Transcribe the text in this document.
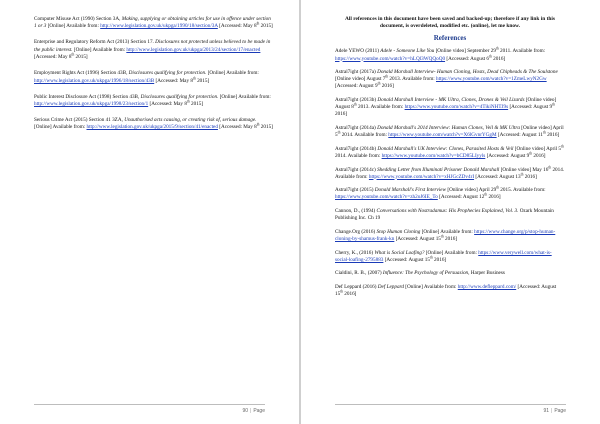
Computer Misuse Act (1990) Section 3A, Making, supplying or obtaining articles for use in offence under section 1 or 3 [Online] Available from: http://www.legislation.gov.uk/ukpga/1990/18/section/3A [Accessed: May 8th 2015]
Enterprise and Regulatory Reform Act (2013) Section 17. Disclosures not protected unless believed to be made in the public interest. [Online] Available from: http://www.legislation.gov.uk/ukpga/2013/24/section/17/enacted [Accessed: May 8th 2015]
Employment Rights Act (1996) Section 43B, Disclosures qualifying for protection. [Online] Available from: http://www.legislation.gov.uk/ukpga/1996/18/section/43B [Accessed: May 8th 2015]
Public Interest Disclosure Act (1998) Section 43B, Disclosures qualifying for protection. [Online] Available from: http://www.legislation.gov.uk/ukpga/1998/23/section/1 [Accessed: May 8th 2015]
Serious Crime Act (2015) Section 41 3ZA, Unauthorised acts causing, or creating risk of, serious damage. [Online] Available from: http://www.legislation.gov.uk/ukpga/2015/9/section/41/enacted [Accessed: May 8th 2015]
90 | Page
All references in this document have been saved and backed-up; therefore if any link in this document, is overdeleted, modified etc. (online), let me know.
References
Adele YEWO (2011) Adele - Someone Like You [Online video] September 29th 2011. Available from: https://www.youtube.com/watch?v=hLQl3WQQoQ0 [Accessed: August 6th 2016]
Astral7ight (2017a) Donald Marshall Interview- Human Cloning, Hosts, Dead Chipheads & The Soulstone [Online video] August 7th 2013. Available from: https://www.youtube.com/watch?v=1ZmeLwyN2Gw [Accessed: August 9th 2016]
Astral7ight (2013b) Donald Marshall Interview - MK Ultra, Clones, Drones & Veil Lizards [Online video] August 8th 2013. Available from: https://www.youtube.com/watch?v=4TikiNHTJ9s [Accessed: August 9th 2016]
Astral7ight (2014a) Donald Marshall's 2014 Interview: Human Clones, Veil & MK Ultra [Online video] April 5th 2014. Available from: https://www.youtube.com/watch?v=X6lGvnrYGgM [Accessed: August 11th 2016]
Astral7ight (2014b) Donald Marshall's UK Interview: Clones, Parasited Hosts & Veil [Online video] April 5th 2014. Available from: https://www.youtube.com/watch?v=bCD85LIyyls [Accessed: August 9th 2016]
Astral7ight (2014c) Shedding Letter from Illuminati Prisoner Donald Marshall [Online video] May 16th 2014. Available from: https://www.youtube.com/watch?v=xHJGcZDv4rI [Accessed: August 13th 2016]
Astral7ight (2015) Donald Marshall's First Interview [Online video] April 29th 2015. Available from: https://www.youtube.com/watch?v=zh2oJ6IE_To [Accessed: August 12th 2016]
Cannon, D., (1994) Conversations with Nostradamus: His Prophecies Explained, Vol. 3. Ozark Mountain Publishing Inc. Ch 19
Change.Org (2016) Stop Human Cloning [Online] Available from: https://www.change.org/p/stop-human-cloning-by-shamus-frank-kn [Accessed: August 15th 2016]
Cherry, K., (2016) What is Social Loafing? [Online] Available from: https://www.verywell.com/what-is-social-loafing-2795883 [Accessed: August 15th 2016]
Cialdini, R. B., (2007) Influence: The Psychology of Persuasion, Harper Business
Def Leppard (2016) Def Leppard [Online] Available from: http://www.defleppard.com/ [Accessed: August 15th 2016]
91 | Page
